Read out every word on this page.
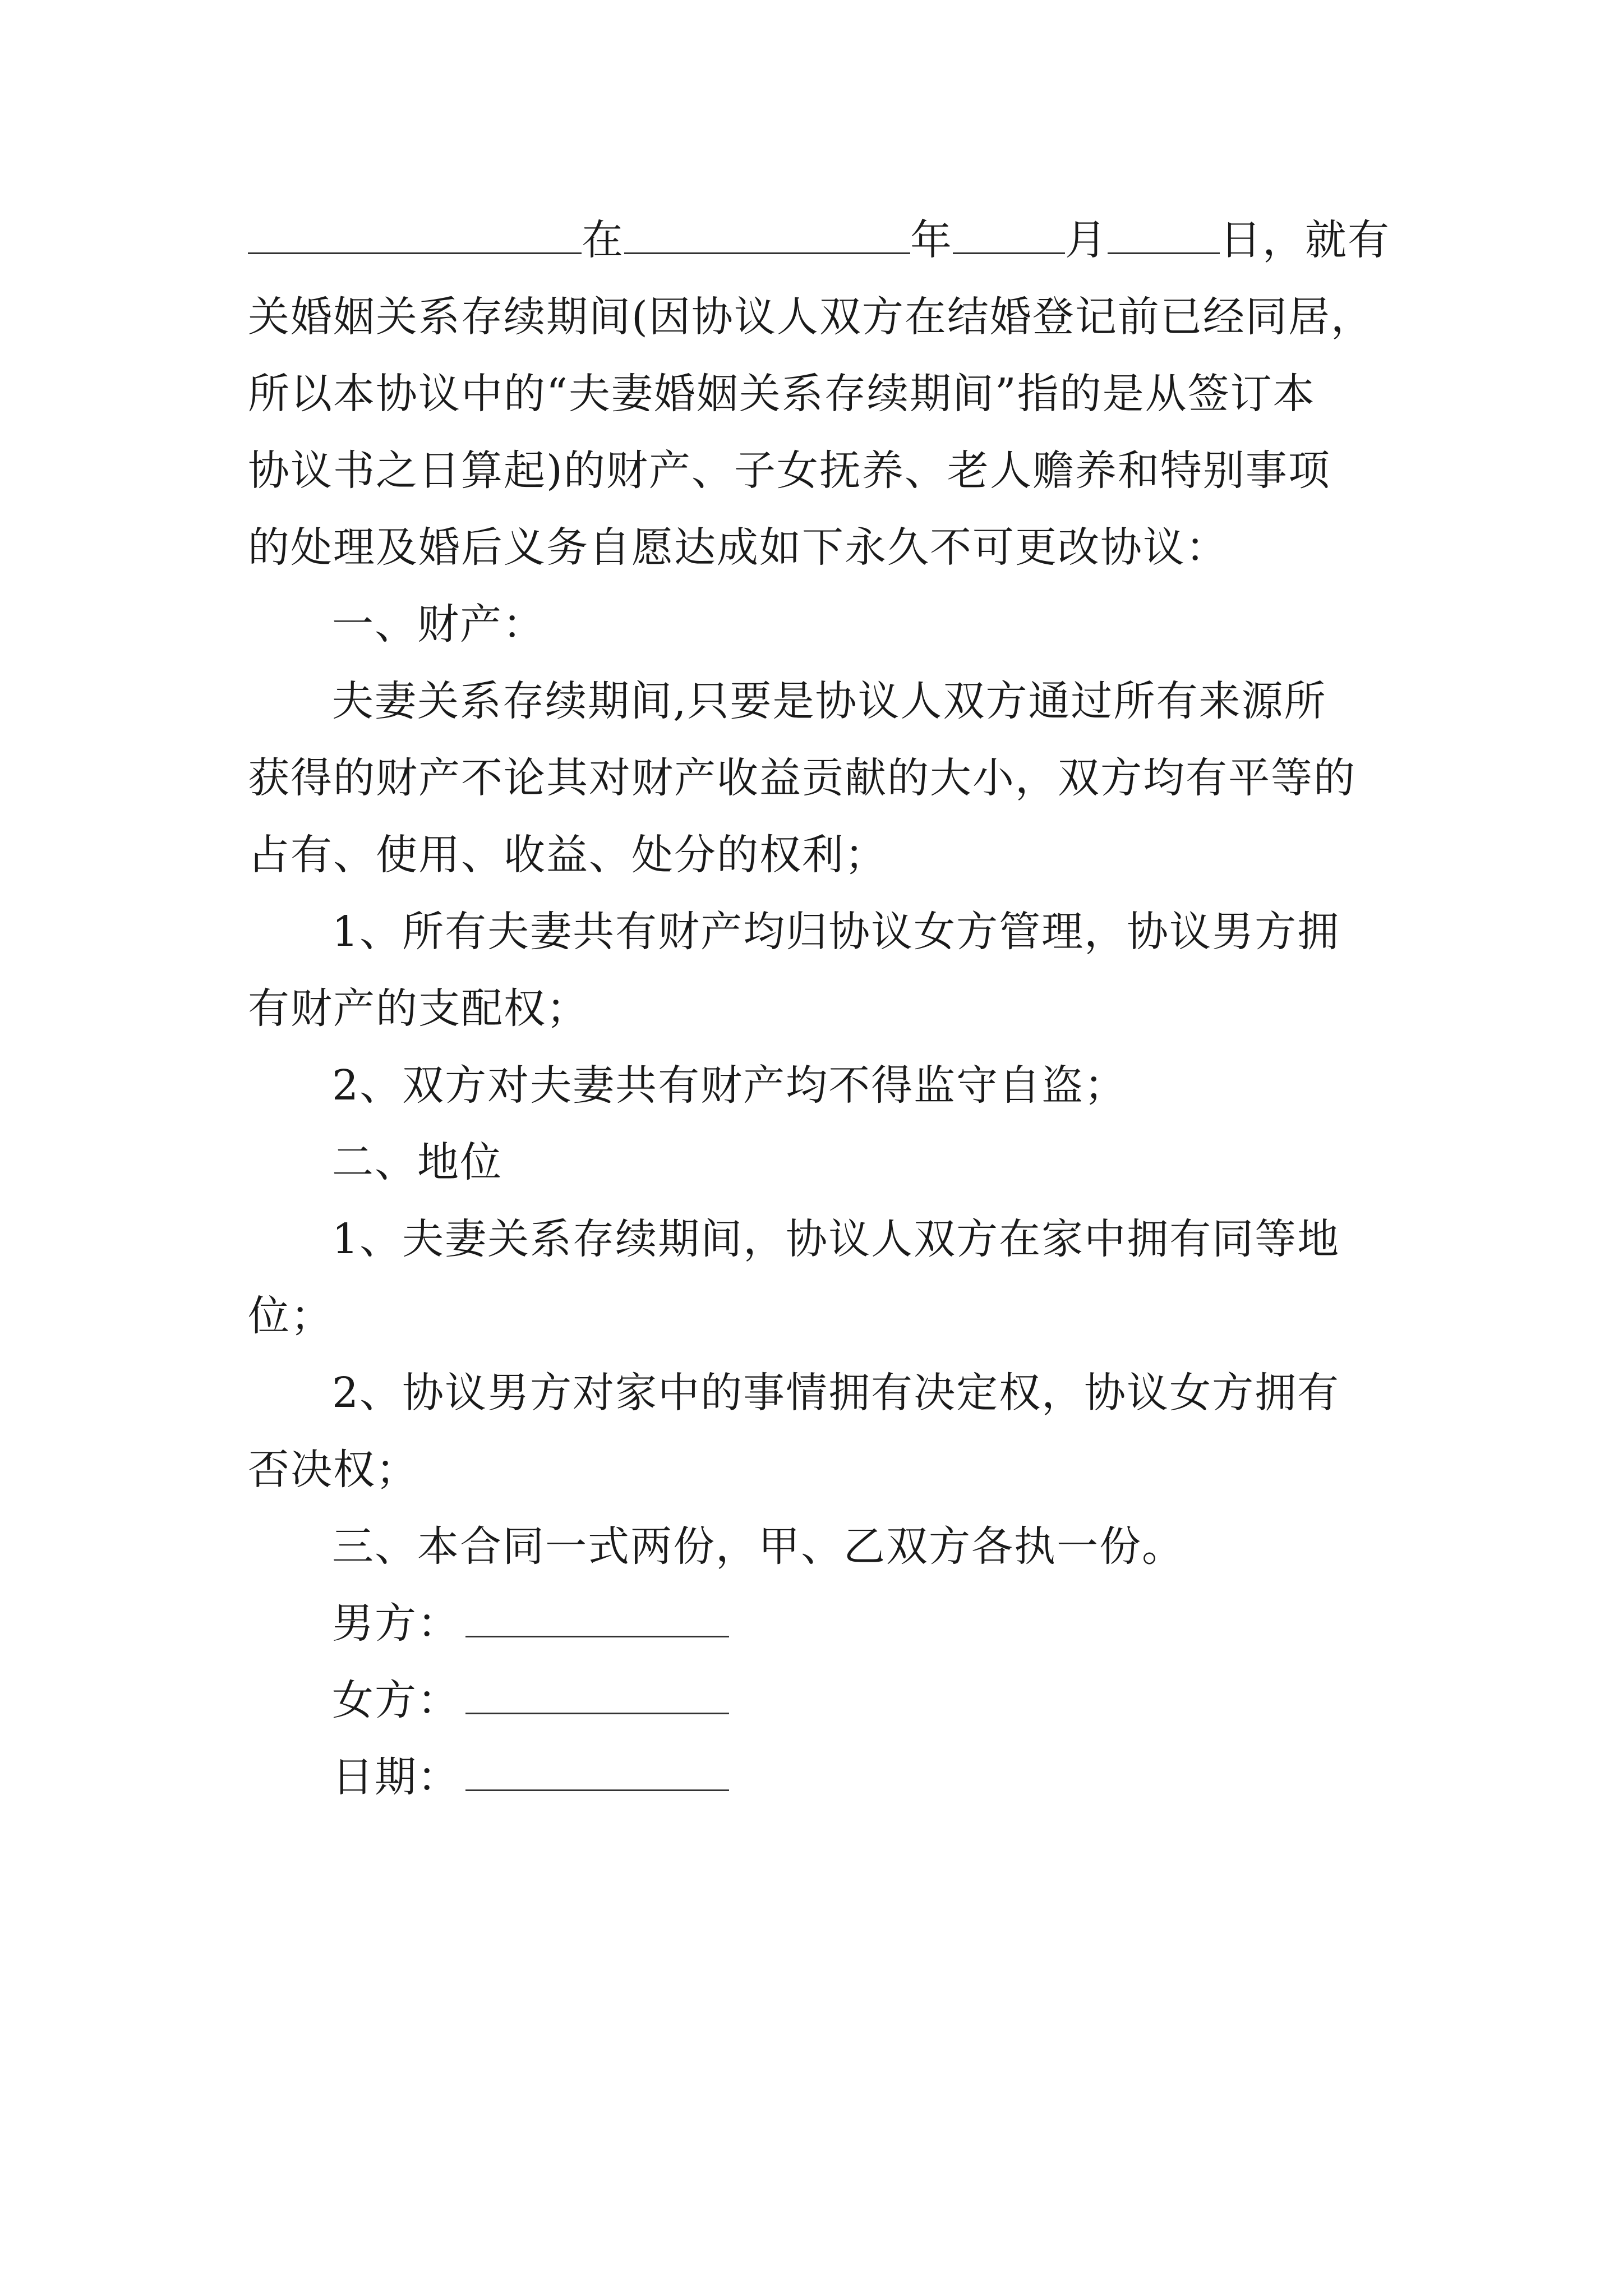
在	年	月	日，就有
关婚姻关系存续期间(因协议人双方在结婚登记前已经同居，
所以本协议中的“夫妻婚姻关系存续期间”指的是从签订本
协议书之日算起)的财产、子女抚养、老人赡养和特别事项
的处理及婚后义务自愿达成如下永久不可更改协议：
一、财产：
夫妻关系存续期间,只要是协议人双方通过所有来源所
获得的财产不论其对财产收益贡献的大小，双方均有平等的
占有、使用、收益、处分的权利；
1、所有夫妻共有财产均归协议女方管理，协议男方拥
有财产的支配权；
2、双方对夫妻共有财产均不得监守自盗；
二、地位
1、夫妻关系存续期间，协议人双方在家中拥有同等地
位；
2、协议男方对家中的事情拥有决定权，协议女方拥有
否决权；
三、本合同一式两份，甲、乙双方各执一份。
男方：
女方：
日期：
